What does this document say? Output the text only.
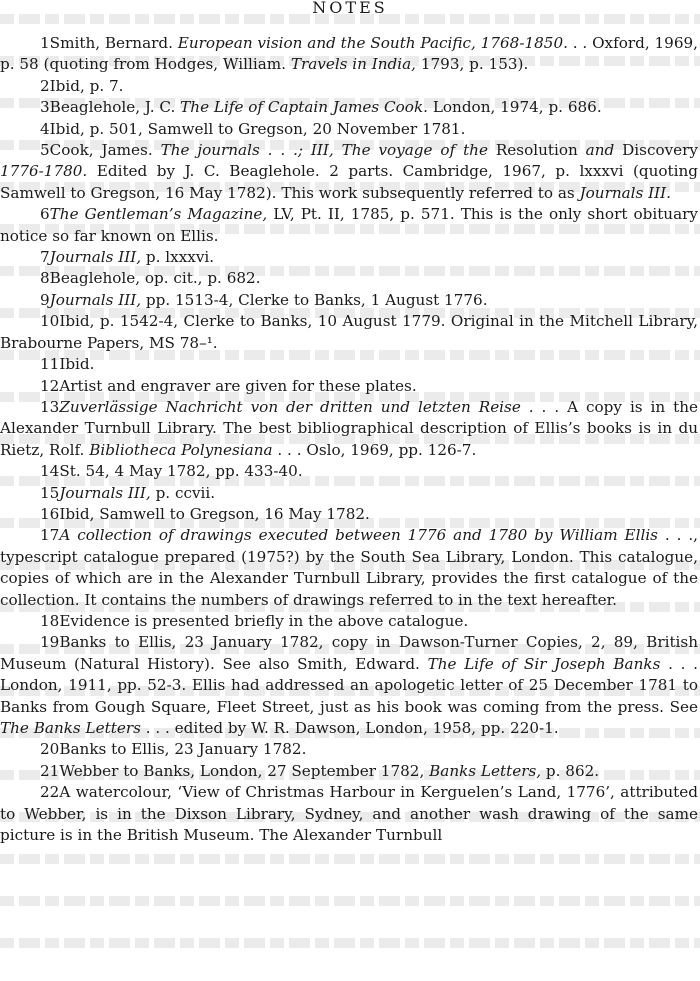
NOTES
1Smith, Bernard. European vision and the South Pacific, 1768-1850. . . Oxford, 1969, p. 58 (quoting from Hodges, William. Travels in India, 1793, p. 153).
2Ibid, p. 7.
3Beaglehole, J. C. The Life of Captain James Cook. London, 1974, p. 686.
4Ibid, p. 501, Samwell to Gregson, 20 November 1781.
5Cook, James. The journals . . .; III, The voyage of the Resolution and Discovery 1776-1780. Edited by J. C. Beaglehole. 2 parts. Cambridge, 1967, p. lxxxvi (quoting Samwell to Gregson, 16 May 1782). This work subsequently referred to as Journals III.
6The Gentleman’s Magazine, LV, Pt. II, 1785, p. 571. This is the only short obituary notice so far known on Ellis.
7Journals III, p. lxxxvi.
8Beaglehole, op. cit., p. 682.
9Journals III, pp. 1513-4, Clerke to Banks, 1 August 1776.
10Ibid, p. 1542-4, Clerke to Banks, 10 August 1779. Original in the Mitchell Library, Brabourne Papers, MS 78–¹.
11Ibid.
12Artist and engraver are given for these plates.
13Zuverlässige Nachricht von der dritten und letzten Reise . . . A copy is in the Alexander Turnbull Library. The best bibliographical description of Ellis’s books is in du Rietz, Rolf. Bibliotheca Polynesiana . . . Oslo, 1969, pp. 126-7.
14St. 54, 4 May 1782, pp. 433-40.
15Journals III, p. ccvii.
16Ibid, Samwell to Gregson, 16 May 1782.
17A collection of drawings executed between 1776 and 1780 by William Ellis . . ., typescript catalogue prepared (1975?) by the South Sea Library, London. This catalogue, copies of which are in the Alexander Turnbull Library, provides the first catalogue of the collection. It contains the numbers of drawings referred to in the text hereafter.
18Evidence is presented briefly in the above catalogue.
19Banks to Ellis, 23 January 1782, copy in Dawson-Turner Copies, 2, 89, British Museum (Natural History). See also Smith, Edward. The Life of Sir Joseph Banks . . . London, 1911, pp. 52-3. Ellis had addressed an apologetic letter of 25 December 1781 to Banks from Gough Square, Fleet Street, just as his book was coming from the press. See The Banks Letters . . . edited by W. R. Dawson, London, 1958, pp. 220-1.
20Banks to Ellis, 23 January 1782.
21Webber to Banks, London, 27 September 1782, Banks Letters, p. 862.
22A watercolour, ‘View of Christmas Harbour in Kerguelen’s Land, 1776’, attributed to Webber, is in the Dixson Library, Sydney, and another wash drawing of the same picture is in the British Museum. The Alexander Turnbull
